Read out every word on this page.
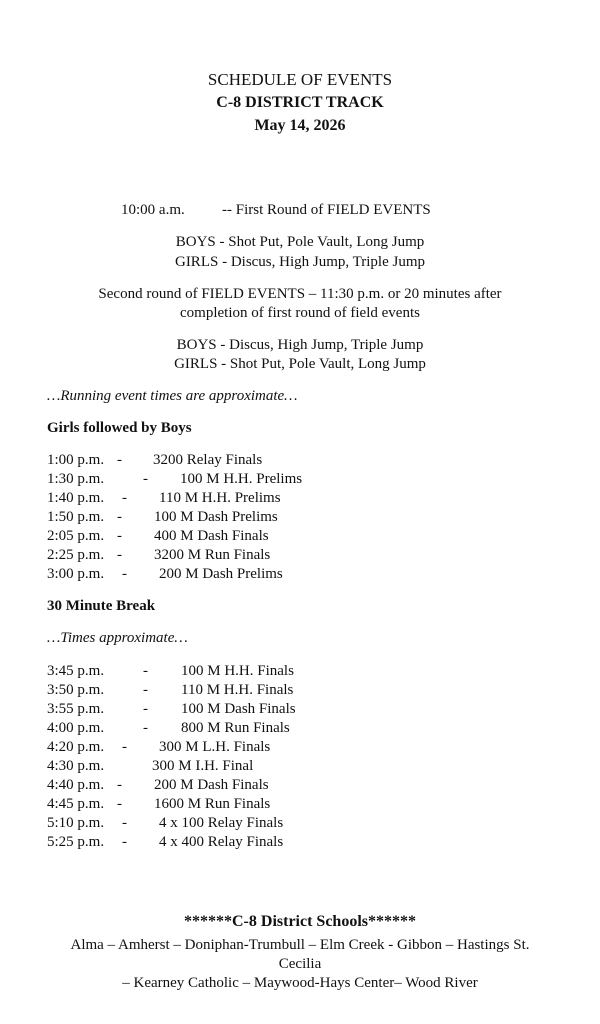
SCHEDULE OF EVENTS
C-8 DISTRICT TRACK
May 14, 2026
10:00 a.m. -- First Round of FIELD EVENTS
BOYS - Shot Put, Pole Vault, Long Jump
GIRLS - Discus, High Jump, Triple Jump
Second round of FIELD EVENTS – 11:30 p.m. or 20 minutes after
completion of first round of field events
BOYS - Discus, High Jump, Triple Jump
GIRLS - Shot Put, Pole Vault, Long Jump
…Running event times are approximate…
Girls followed by Boys
1:00 p.m. - 3200 Relay Finals
1:30 p.m.	- 100 M H.H. Prelims
1:40 p.m. - 110 M H.H. Prelims
1:50 p.m. - 100 M Dash Prelims
2:05 p.m. - 400 M Dash Finals
2:25 p.m. - 3200 M Run Finals
3:00 p.m. - 200 M Dash Prelims
30 Minute Break
…Times approximate…
3:45 p.m.	- 100 M H.H. Finals
3:50 p.m.	- 110 M H.H. Finals
3:55 p.m.	- 100 M Dash Finals
4:00 p.m.	- 800 M Run Finals
4:20 p.m. - 300 M L.H. Finals
4:30 p.m.	300 M I.H. Final
4:40 p.m. - 200 M Dash Finals
4:45 p.m. - 1600 M Run Finals
5:10 p.m. - 4 x 100 Relay Finals
5:25 p.m. - 4 x 400 Relay Finals
******C-8 District Schools******
Alma – Amherst – Doniphan-Trumbull – Elm Creek - Gibbon – Hastings St.
Cecilia
– Kearney Catholic – Maywood-Hays Center– Wood River
